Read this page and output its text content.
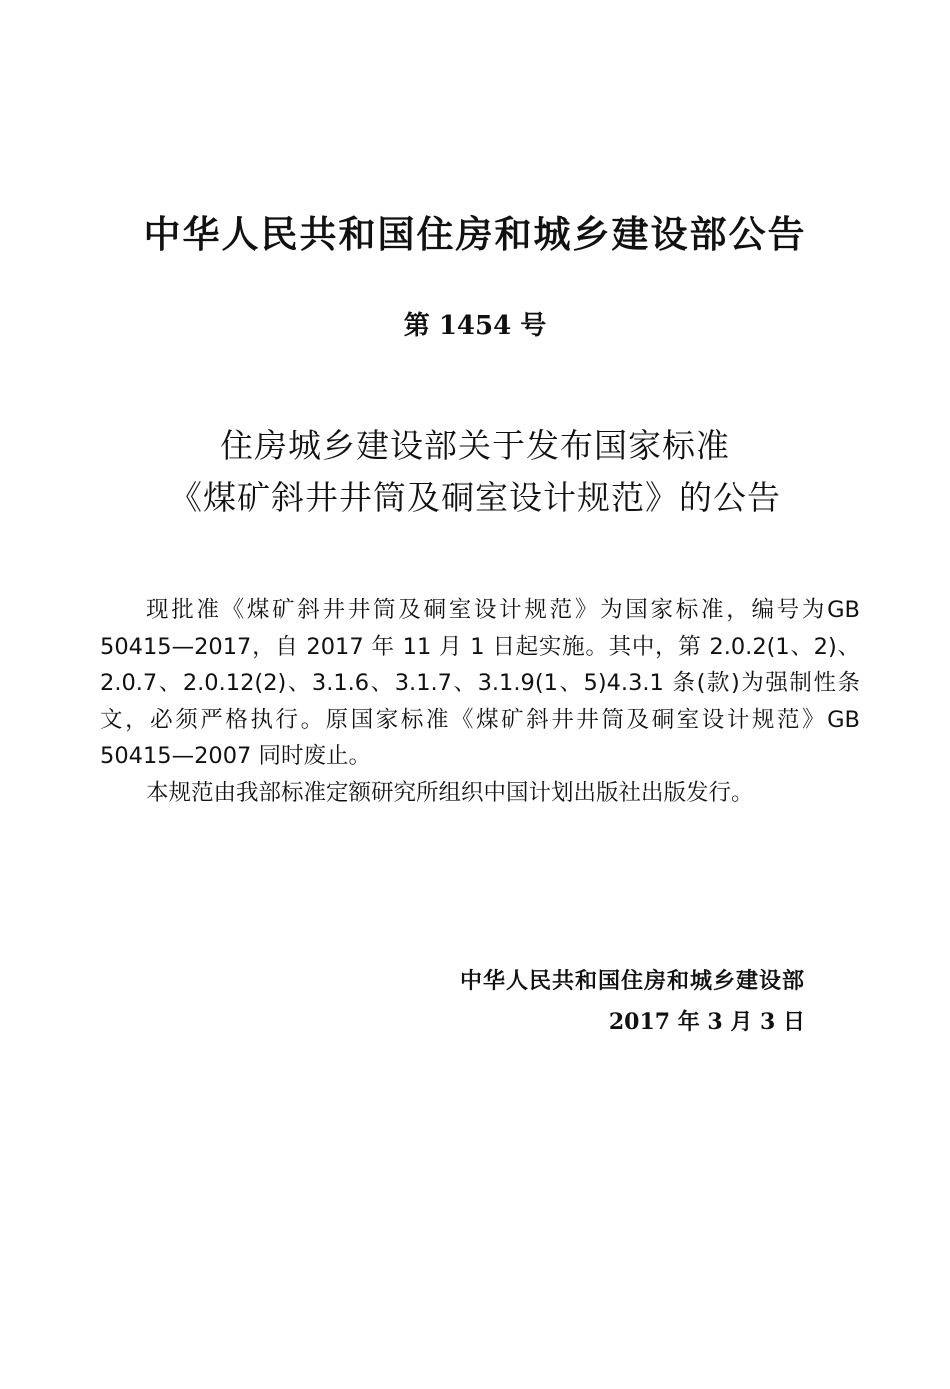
中华人民共和国住房和城乡建设部公告
第 1454 号
住房城乡建设部关于发布国家标准
《煤矿斜井井筒及硐室设计规范》的公告

现批准《煤矿斜井井筒及硐室设计规范》为国家标准，编号为GB 50415—2017，自 2017 年 11 月 1 日起实施。其中，第 2.0.2(1、2)、2.0.7、2.0.12(2)、3.1.6、3.1.7、3.1.9(1、5)4.3.1 条(款)为强制性条文，必须严格执行。原国家标准《煤矿斜井井筒及硐室设计规范》GB 50415—2007 同时废止。

本规范由我部标准定额研究所组织中国计划出版社出版发行。

中华人民共和国住房和城乡建设部
2017 年 3 月 3 日
